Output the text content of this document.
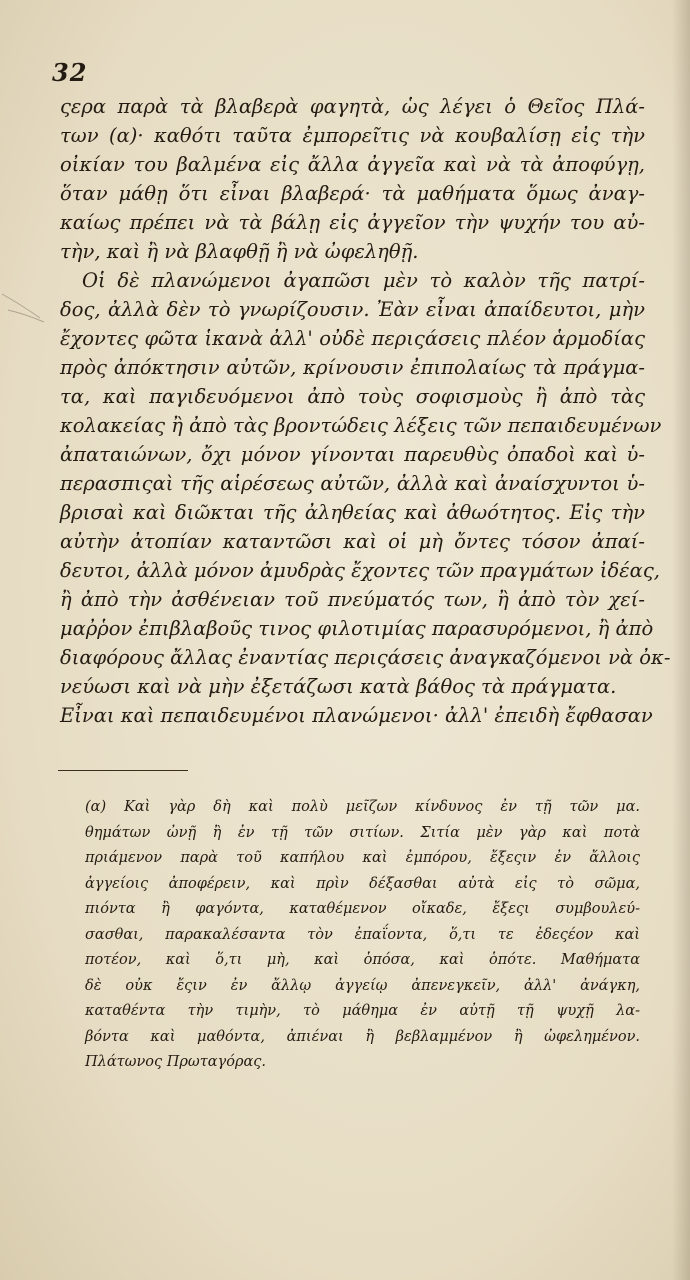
32
ςερα παρὰ τὰ βλαβερὰ φαγητὰ, ὡς λέγει ὁ Θεῖος Πλά-
των (α)· καθότι ταῦτα ἐμπορεῖτις νὰ κουβαλίσῃ εἰς τὴν
οἰκίαν του βαλμένα εἰς ἄλλα ἀγγεῖα καὶ νὰ τὰ ἀποφύγῃ,
ὅταν μάθῃ ὅτι εἶναι βλαβερά· τὰ μαθήματα ὅμως ἀναγ-
καίως πρέπει νὰ τὰ βάλῃ εἰς ἀγγεῖον τὴν ψυχήν του αὐ-
τὴν, καὶ ἢ νὰ βλαφθῇ ἢ νὰ ὠφεληθῇ.
Οἱ δὲ πλανώμενοι ἀγαπῶσι μὲν τὸ καλὸν τῆς πατρί-
δος, ἀλλὰ δὲν τὸ γνωρίζουσιν. Ἐὰν εἶναι ἀπαίδευτοι, μὴν
ἔχοντες φῶτα ἱκανὰ ἀλλ' οὐδὲ περιςάσεις πλέον ἁρμοδίας
πρὸς ἀπόκτησιν αὐτῶν, κρίνουσιν ἐπιπολαίως τὰ πράγμα-
τα, καὶ παγιδευόμενοι ἀπὸ τοὺς σοφισμοὺς ἢ ἀπὸ τὰς
κολακείας ἢ ἀπὸ τὰς βροντώδεις λέξεις τῶν πεπαιδευμένων
ἀπαταιώνων, ὄχι μόνον γίνονται παρευθὺς ὀπαδοὶ καὶ ὑ-
περασπιςαὶ τῆς αἱρέσεως αὐτῶν, ἀλλὰ καὶ ἀναίσχυντοι ὑ-
βρισαὶ καὶ διῶκται τῆς ἀληθείας καὶ ἀθωότητος. Εἰς τὴν
αὐτὴν ἀτοπίαν καταντῶσι καὶ οἱ μὴ ὄντες τόσον ἀπαί-
δευτοι, ἀλλὰ μόνον ἀμυδρὰς ἔχοντες τῶν πραγμάτων ἰδέας,
ἢ ἀπὸ τὴν ἀσθένειαν τοῦ πνεύματός των, ἢ ἀπὸ τὸν χεί-
μαῤῥον ἐπιβλαβοῦς τινος φιλοτιμίας παρασυρόμενοι, ἢ ἀπὸ
διαφόρους ἄλλας ἐναντίας περιςάσεις ἀναγκαζόμενοι νὰ ὀκ-
νεύωσι καὶ νὰ μὴν ἐξετάζωσι κατὰ βάθος τὰ πράγματα.
Εἶναι καὶ πεπαιδευμένοι πλανώμενοι· ἀλλ' ἐπειδὴ ἔφθασαν
(α) Καὶ γὰρ δὴ καὶ πολὺ μεῖζων κίνδυνος ἐν τῇ τῶν μα.
θημάτων ὠνῇ ἢ ἐν τῇ τῶν σιτίων. Σιτία μὲν γὰρ καὶ ποτὰ
πριάμενον παρὰ τοῦ καπήλου καὶ ἐμπόρου, ἔξεςιν ἐν ἄλλοις
ἀγγείοις ἀποφέρειν, καὶ πρὶν δέξασθαι αὐτὰ εἰς τὸ σῶμα,
πιόντα ἢ φαγόντα, καταθέμενον οἴκαδε, ἔξεςι συμβουλεύ-
σασθαι, παρακαλέσαντα τὸν ἐπαΐοντα, ὅ,τι τε ἐδεςέον καὶ
ποτέον, καὶ ὅ,τι μὴ, καὶ ὁπόσα, καὶ ὁπότε. Μαθήματα
δὲ οὐκ ἔςιν ἐν ἄλλῳ ἀγγείῳ ἀπενεγκεῖν, ἀλλ' ἀνάγκη,
καταθέντα τὴν τιμὴν, τὸ μάθημα ἐν αὐτῇ τῇ ψυχῇ λα-
βόντα καὶ μαθόντα, ἀπιέναι ἢ βεβλαμμένον ἢ ὠφελημένον.
Πλάτωνος Πρωταγόρας.
